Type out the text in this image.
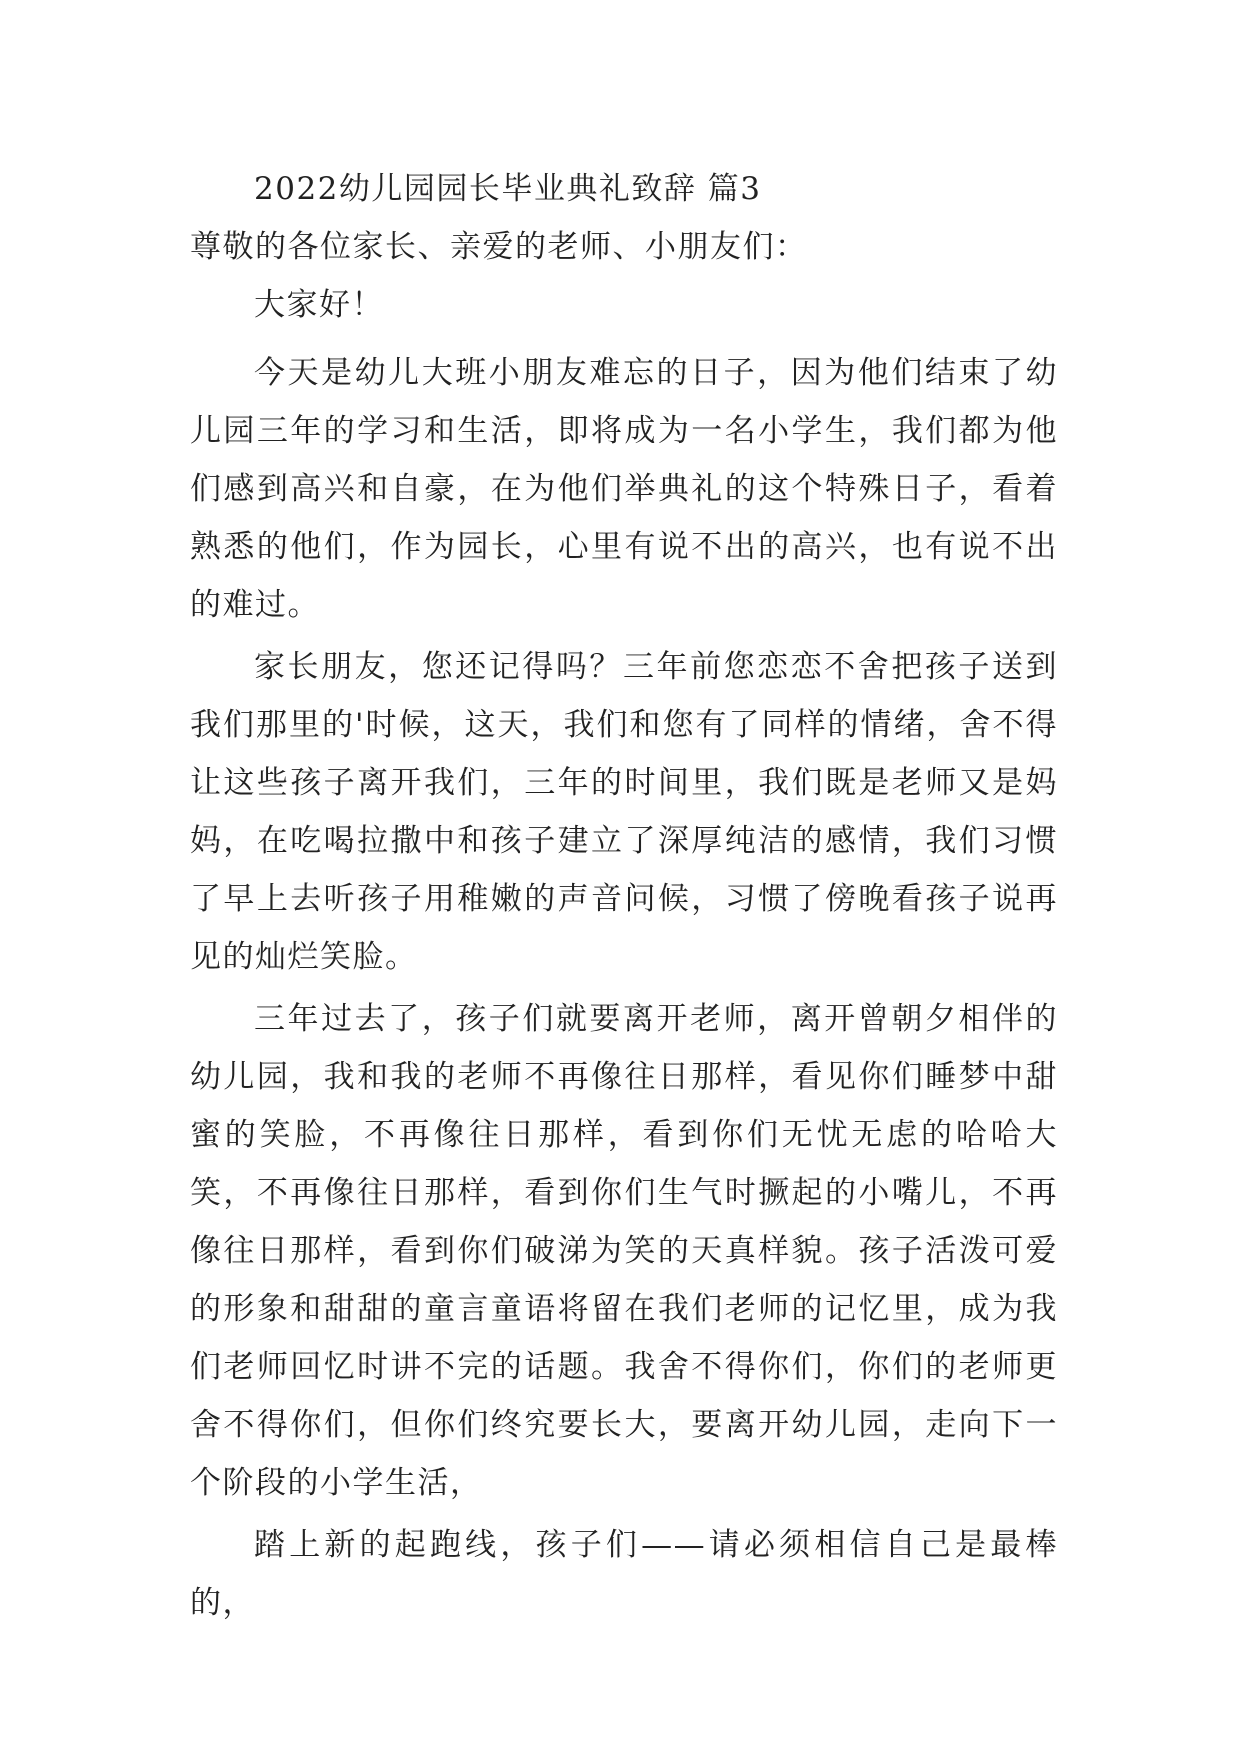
2022幼儿园园长毕业典礼致辞 篇3

尊敬的各位家长、亲爱的老师、小朋友们：

大家好！

今天是幼儿大班小朋友难忘的日子，因为他们结束了幼儿园三年的学习和生活，即将成为一名小学生，我们都为他们感到高兴和自豪，在为他们举典礼的这个特殊日子，看着熟悉的他们，作为园长，心里有说不出的高兴，也有说不出的难过。

家长朋友，您还记得吗？三年前您恋恋不舍把孩子送到我们那里的'时候，这天，我们和您有了同样的情绪，舍不得让这些孩子离开我们，三年的时间里，我们既是老师又是妈妈，在吃喝拉撒中和孩子建立了深厚纯洁的感情，我们习惯了早上去听孩子用稚嫩的声音问候，习惯了傍晚看孩子说再见的灿烂笑脸。

三年过去了，孩子们就要离开老师，离开曾朝夕相伴的幼儿园，我和我的老师不再像往日那样，看见你们睡梦中甜蜜的笑脸，不再像往日那样，看到你们无忧无虑的哈哈大笑，不再像往日那样，看到你们生气时撅起的小嘴儿，不再像往日那样，看到你们破涕为笑的天真样貌。孩子活泼可爱的形象和甜甜的童言童语将留在我们老师的记忆里，成为我们老师回忆时讲不完的话题。我舍不得你们，你们的老师更舍不得你们，但你们终究要长大，要离开幼儿园，走向下一个阶段的小学生活，

踏上新的起跑线，孩子们——请必须相信自己是最棒的，
